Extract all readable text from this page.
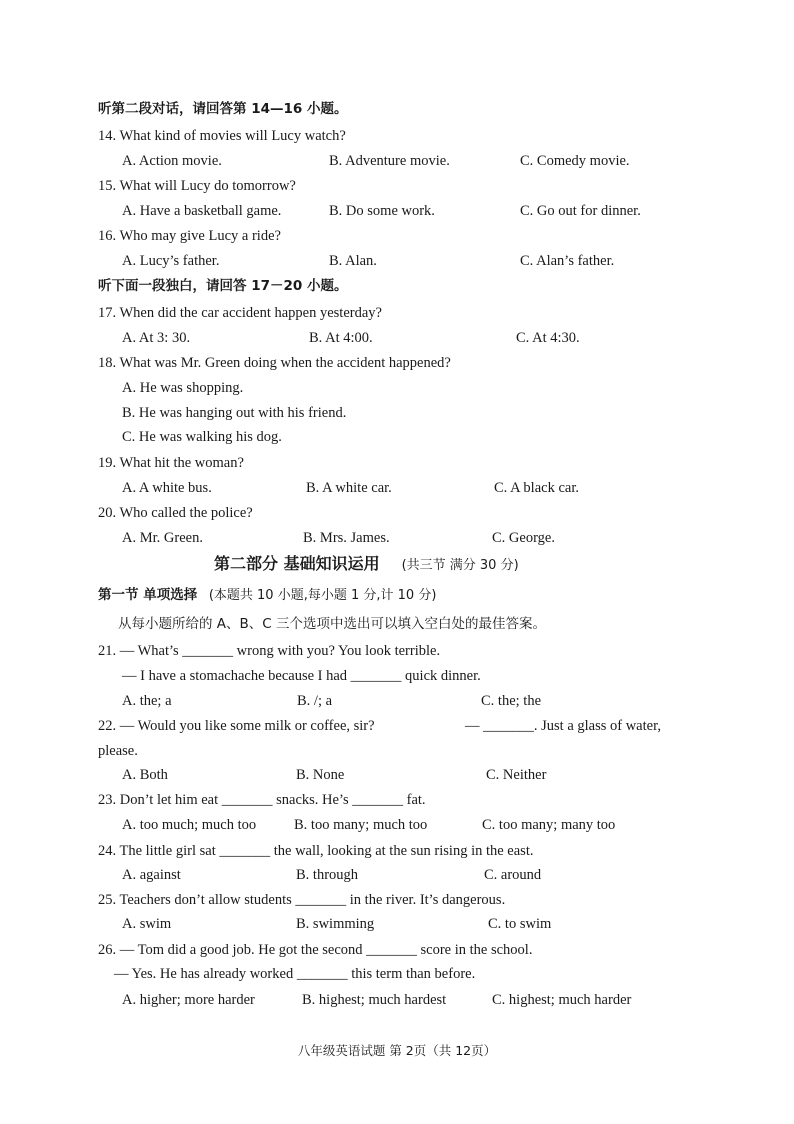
听第二段对话，请回答第 14—16 小题。
14. What kind of movies will Lucy watch?
A. Action movie.	B. Adventure movie.	C. Comedy movie.
15. What will Lucy do tomorrow?
A. Have a basketball game.	B. Do some work.	C. Go out for dinner.
16. Who may give Lucy a ride?
A. Lucy’s father.	B. Alan.	C. Alan’s father.
听下面一段独白，请回答 17－20 小题。
17. When did the car accident happen yesterday?
A. At 3: 30.	B. At 4:00.	C. At 4:30.
18. What was Mr. Green doing when the accident happened?
A. He was shopping.
B. He was hanging out with his friend.
C. He was walking his dog.
19. What hit the woman?
A. A white bus.	B. A white car.	C. A black car.
20. Who called the police?
A. Mr. Green.	B. Mrs. James.	C. George.
第二部分 基础知识运用 (共三节 满分 30 分)
第一节 单项选择 (本题共 10 小题,每小题 1 分,计 10 分)
从每小题所给的 A、B、C 三个选项中选出可以填入空白处的最佳答案。
21. — What’s _______ wrong with you? You look terrible.
— I have a stomachache because I had _______ quick dinner.
A. the; a	B. /; a	C. the; the
22. — Would you like some milk or coffee, sir?	— _______. Just a glass of water,
please.
A. Both	B. None	C. Neither
23. Don’t let him eat _______ snacks. He’s _______ fat.
A. too much; much too	B. too many; much too	C. too many; many too
24. The little girl sat _______ the wall, looking at the sun rising in the east.
A. against	B. through	C. around
25. Teachers don’t allow students _______ in the river. It’s dangerous.
A. swim	B. swimming	C. to swim
26. — Tom did a good job. He got the second _______ score in the school.
— Yes. He has already worked _______ this term than before.
A. higher; more harder	B. highest; much hardest	C. highest; much harder
八年级英语试题 第 2页（共 12页）
